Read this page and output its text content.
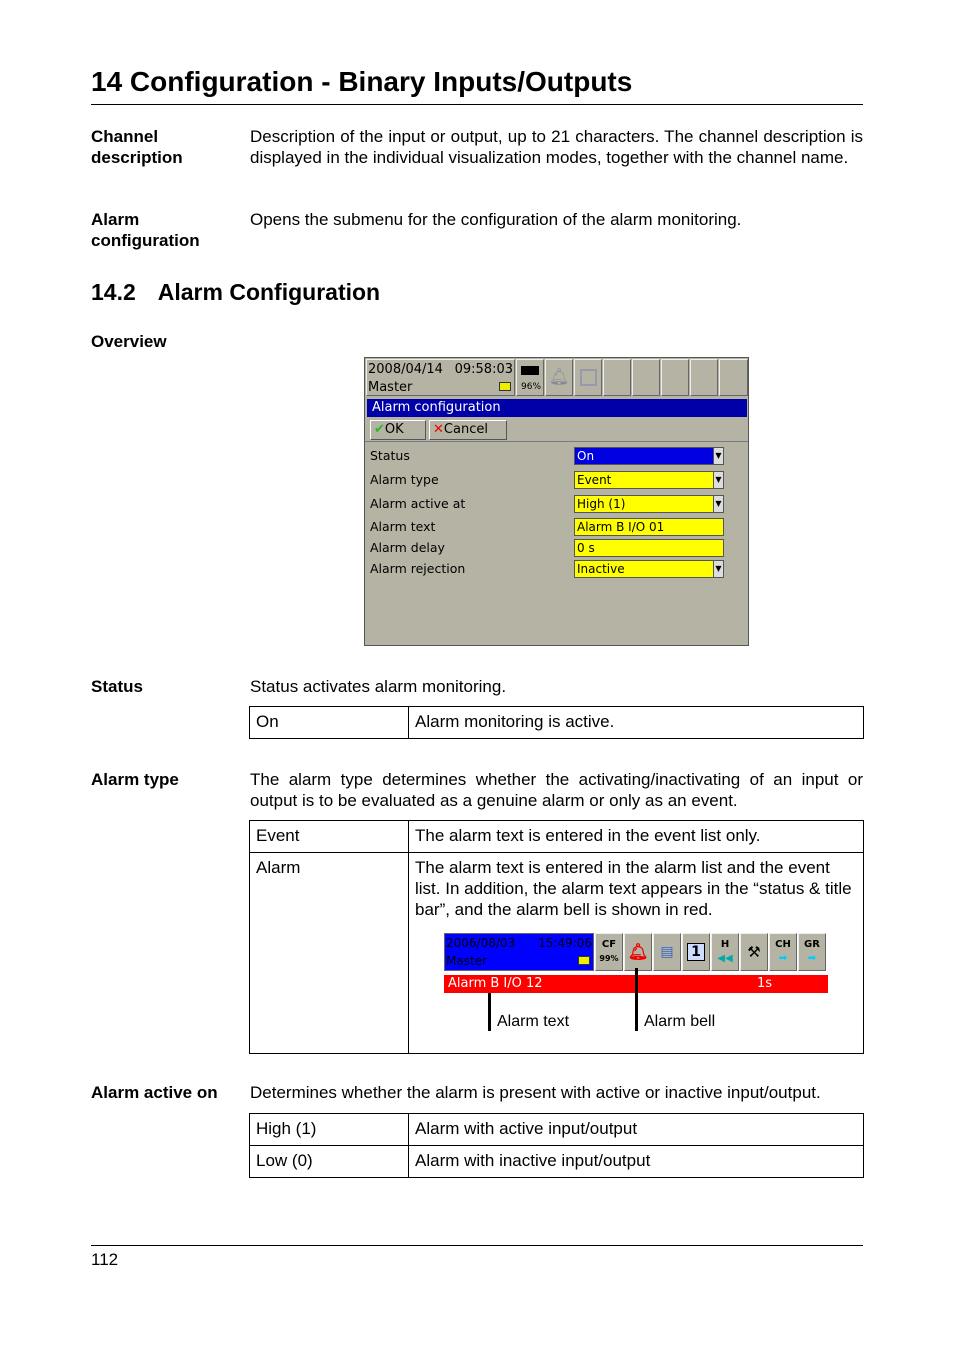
14 Configuration - Binary Inputs/Outputs
Channel description
Description of the input or output, up to 21 characters. The channel description is displayed in the individual visualization modes, together with the channel name.
Alarm configuration
Opens the submenu for the configuration of the alarm monitoring.
14.2 Alarm Configuration
Overview
2008/04/14 09:58:03
Master	96%
🔔︎
Alarm configuration
✔OK	✕Cancel
Status	On	▼
Alarm type	Event	▼
Alarm active at	High (1)	▼
Alarm text	Alarm B I/O 01
Alarm delay	0 s
Alarm rejection	Inactive	▼
Status	Status activates alarm monitoring.
On	Alarm monitoring is active.
Alarm type	The alarm type determines whether the activating/inactivating of an input or output is to be evaluated as a genuine alarm or only as an event.
Event	The alarm text is entered in the event list only.
Alarm	The alarm text is entered in the alarm list and the event list. In addition, the alarm text appears in the “status & title bar”, and the alarm bell is shown in red.
2006/08/03 15:49:06
Master
CF
99% 🔔︎ ▤	1	H
◀◀ ⚒	CH
➡
GR
➡
Alarm B I/O 12	1s
Alarm text	Alarm bell
Alarm active on Determines whether the alarm is present with active or inactive input/output.
High (1)	Alarm with active input/output
Low (0)	Alarm with inactive input/output
112
